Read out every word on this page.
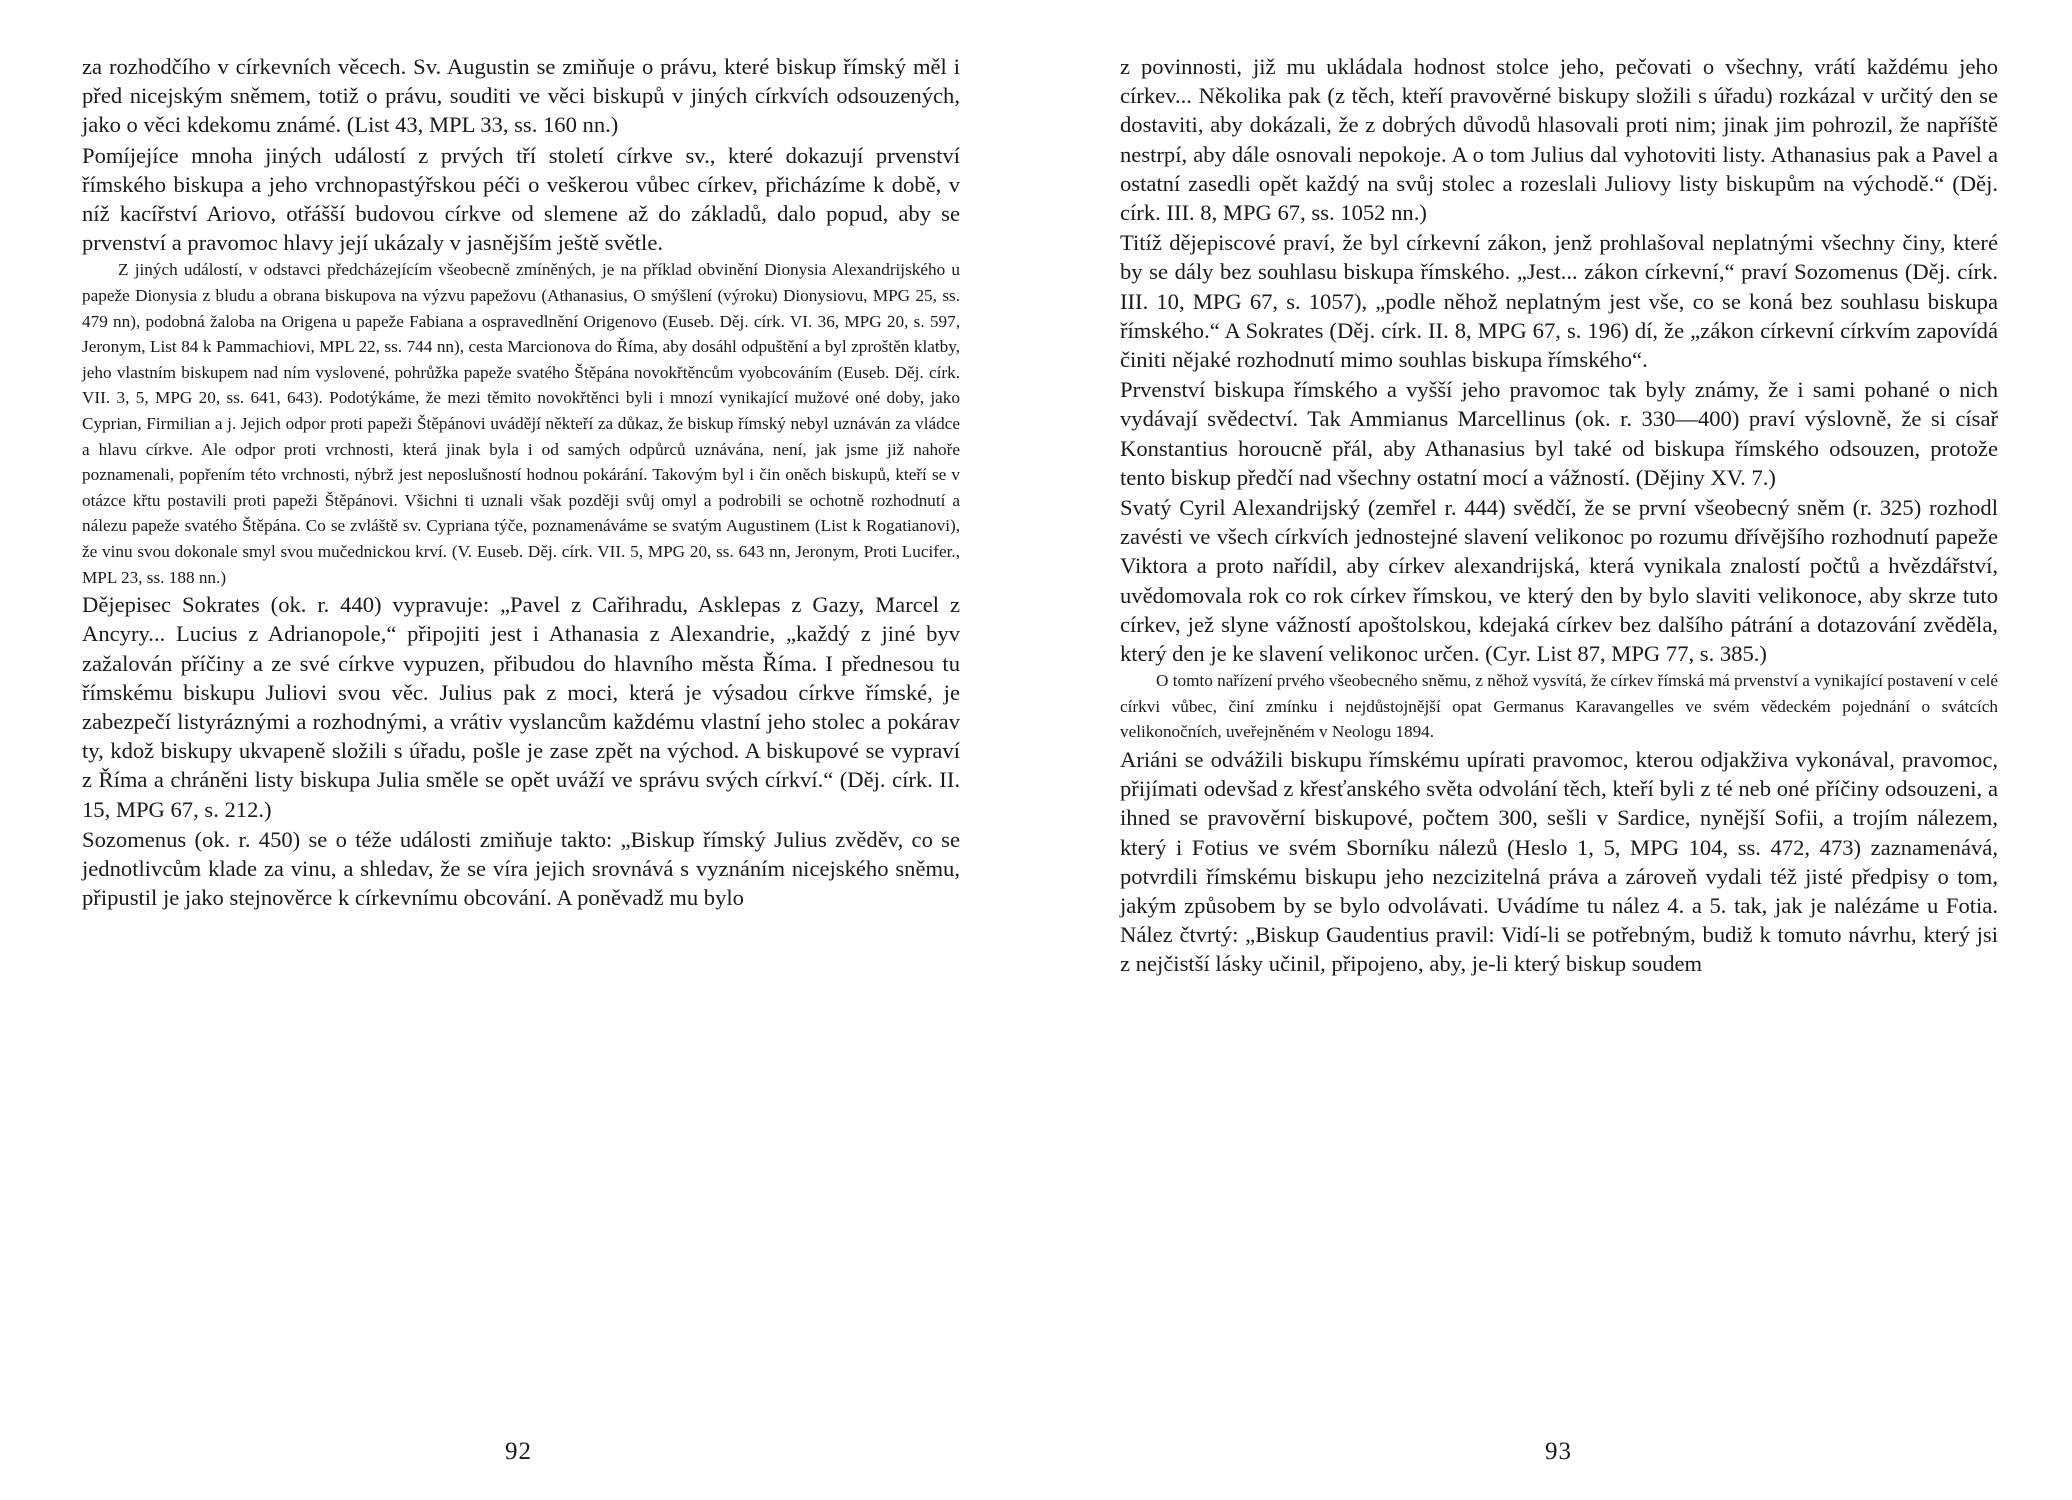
za rozhodčího v církevních věcech. Sv. Augustin se zmiňuje o právu, které biskup římský měl i před nicejským sněmem, totiž o právu, souditi ve věci biskupů v jiných církvích odsouzených, jako o věci kdekomu známé. (List 43, MPL 33, ss. 160 nn.)

Pomíjejíce mnoha jiných událostí z prvých tří století církve sv., které dokazují prvenství římského biskupa a jeho vrchnopastýřskou péči o veškerou vůbec církev, přicházíme k době, v níž kacířství Ariovo, otřášší budovou církve od slemene až do základů, dalo popud, aby se prvenství a pravomoc hlavy její ukázaly v jasnějším ještě světle.

Z jiných událostí, v odstavci předcházejícím všeobecně zmíněných, je na příklad obvinění Dionysia Alexandrijského u papeže Dionysia z bludu a obrana biskupova na výzvu papežovu (Athanasius, O smýšlení (výroku) Dionysiovu, MPG 25, ss. 479 nn), podobná žaloba na Origena u papeže Fabiana a ospravedlnění Origenovo (Euseb. Děj. círk. VI. 36, MPG 20, s. 597, Jeronym, List 84 k Pammachiovi, MPL 22, ss. 744 nn), cesta Marcionova do Říma, aby dosáhl odpuštění a byl zproštěn klatby, jeho vlastním biskupem nad ním vyslovené, pohrůžka papeže svatého Štěpána novokřtěncům vyobcováním (Euseb. Děj. círk. VII. 3, 5, MPG 20, ss. 641, 643). Podotýkáme, že mezi těmito novokřtěnci byli i mnozí vynikající mužové oné doby, jako Cyprian, Firmilian a j. Jejich odpor proti papeži Štěpánovi uvádějí někteří za důkaz, že biskup římský nebyl uznáván za vládce a hlavu církve. Ale odpor proti vrchnosti, která jinak byla i od samých odpůrců uznávána, není, jak jsme již nahoře poznamenali, popřením této vrchnosti, nýbrž jest neposlušností hodnou pokárání. Takovým byl i čin oněch biskupů, kteří se v otázce křtu postavili proti papeži Štěpánovi. Všichni ti uznali však později svůj omyl a podrobili se ochotně rozhodnutí a nálezu papeže svatého Štěpána. Co se zvláště sv. Cypriana týče, poznamenáváme se svatým Augustinem (List k Rogatianovi), že vinu svou dokonale smyl svou mučednickou krví. (V. Euseb. Děj. círk. VII. 5, MPG 20, ss. 643 nn, Jeronym, Proti Lucifer., MPL 23, ss. 188 nn.)

Dějepisec Sokrates (ok. r. 440) vypravuje: „Pavel z Cařihradu, Asklepas z Gazy, Marcel z Ancyry... Lucius z Adrianopole,“ připojiti jest i Athanasia z Alexandrie, „každý z jiné byv zažalován příčiny a ze své církve vypuzen, přibudou do hlavního města Říma. I přednesou tu římskému biskupu Juliovi svou věc. Julius pak z moci, která je výsadou církve římské, je zabezpečí listyráznými a rozhodnými, a vrátiv vyslancům každému vlastní jeho stolec a pokárav ty, kdož biskupy ukvapeně složili s úřadu, pošle je zase zpět na východ. A biskupové se vypraví z Říma a chráněni listy biskupa Julia směle se opět uváží ve správu svých církví.“ (Děj. círk. II. 15, MPG 67, s. 212.)

Sozomenus (ok. r. 450) se o téže události zmiňuje takto: „Biskup římský Julius zvěděv, co se jednotlivcům klade za vinu, a shledav, že se víra jejich srovnává s vyznáním nicejského sněmu, připustil je jako stejnověrce k církevnímu obcování. A poněvadž mu bylo

92

z povinnosti, již mu ukládala hodnost stolce jeho, pečovati o všechny, vrátí každému jeho církev... Několika pak (z těch, kteří pravověrné biskupy složili s úřadu) rozkázal v určitý den se dostaviti, aby dokázali, že z dobrých důvodů hlasovali proti nim; jinak jim pohrozil, že napříště nestrpí, aby dále osnovali nepokoje. A o tom Julius dal vyhotoviti listy. Athanasius pak a Pavel a ostatní zasedli opět každý na svůj stolec a rozeslali Juliovy listy biskupům na východě.“ (Děj. círk. III. 8, MPG 67, ss. 1052 nn.)

Titíž dějepiscové praví, že byl církevní zákon, jenž prohlašoval neplatnými všechny činy, které by se dály bez souhlasu biskupa římského. „Jest... zákon církevní,“ praví Sozomenus (Děj. círk. III. 10, MPG 67, s. 1057), „podle něhož neplatným jest vše, co se koná bez souhlasu biskupa římského.“ A Sokrates (Děj. círk. II. 8, MPG 67, s. 196) dí, že „zákon církevní církvím zapovídá činiti nějaké rozhodnutí mimo souhlas biskupa římského“.

Prvenství biskupa římského a vyšší jeho pravomoc tak byly známy, že i sami pohané o nich vydávají svědectví. Tak Ammianus Marcellinus (ok. r. 330—400) praví výslovně, že si císař Konstantius horoucně přál, aby Athanasius byl také od biskupa římského odsouzen, protože tento biskup předčí nad všechny ostatní mocí a vážností. (Dějiny XV. 7.)

Svatý Cyril Alexandrijský (zemřel r. 444) svědčí, že se první všeobecný sněm (r. 325) rozhodl zavésti ve všech církvích jednostejné slavení velikonoc po rozumu dřívějšího rozhodnutí papeže Viktora a proto nařídil, aby církev alexandrijská, která vynikala znalostí počtů a hvězdářství, uvědomovala rok co rok církev římskou, ve který den by bylo slaviti velikonoce, aby skrze tuto církev, jež slyne vážností apoštolskou, kdejaká církev bez dalšího pátrání a dotazování zvěděla, který den je ke slavení velikonoc určen. (Cyr. List 87, MPG 77, s. 385.)

O tomto nařízení prvého všeobecného sněmu, z něhož vysvítá, že církev římská má prvenství a vynikající postavení v celé církvi vůbec, činí zmínku i nejdůstojnější opat Germanus Karavangelles ve svém vědeckém pojednání o svátcích velikonočních, uveřejněném v Neologu 1894.

Ariáni se odvážili biskupu římskému upírati pravomoc, kterou odjakživa vykonával, pravomoc, přijímati odevšad z křesťanského světa odvolání těch, kteří byli z té neb oné příčiny odsouzeni, a ihned se pravověrní biskupové, počtem 300, sešli v Sardice, nynější Sofii, a trojím nálezem, který i Fotius ve svém Sborníku nálezů (Heslo 1, 5, MPG 104, ss. 472, 473) zaznamenává, potvrdili římskému biskupu jeho nezcizitelná práva a zároveň vydali též jisté předpisy o tom, jakým způsobem by se bylo odvolávati. Uvádíme tu nález 4. a 5. tak, jak je nalézáme u Fotia. Nález čtvrtý: „Biskup Gaudentius pravil: Vidí-li se potřebným, budiž k tomuto návrhu, který jsi z nejčistší lásky učinil, připojeno, aby, je-li který biskup soudem

93
